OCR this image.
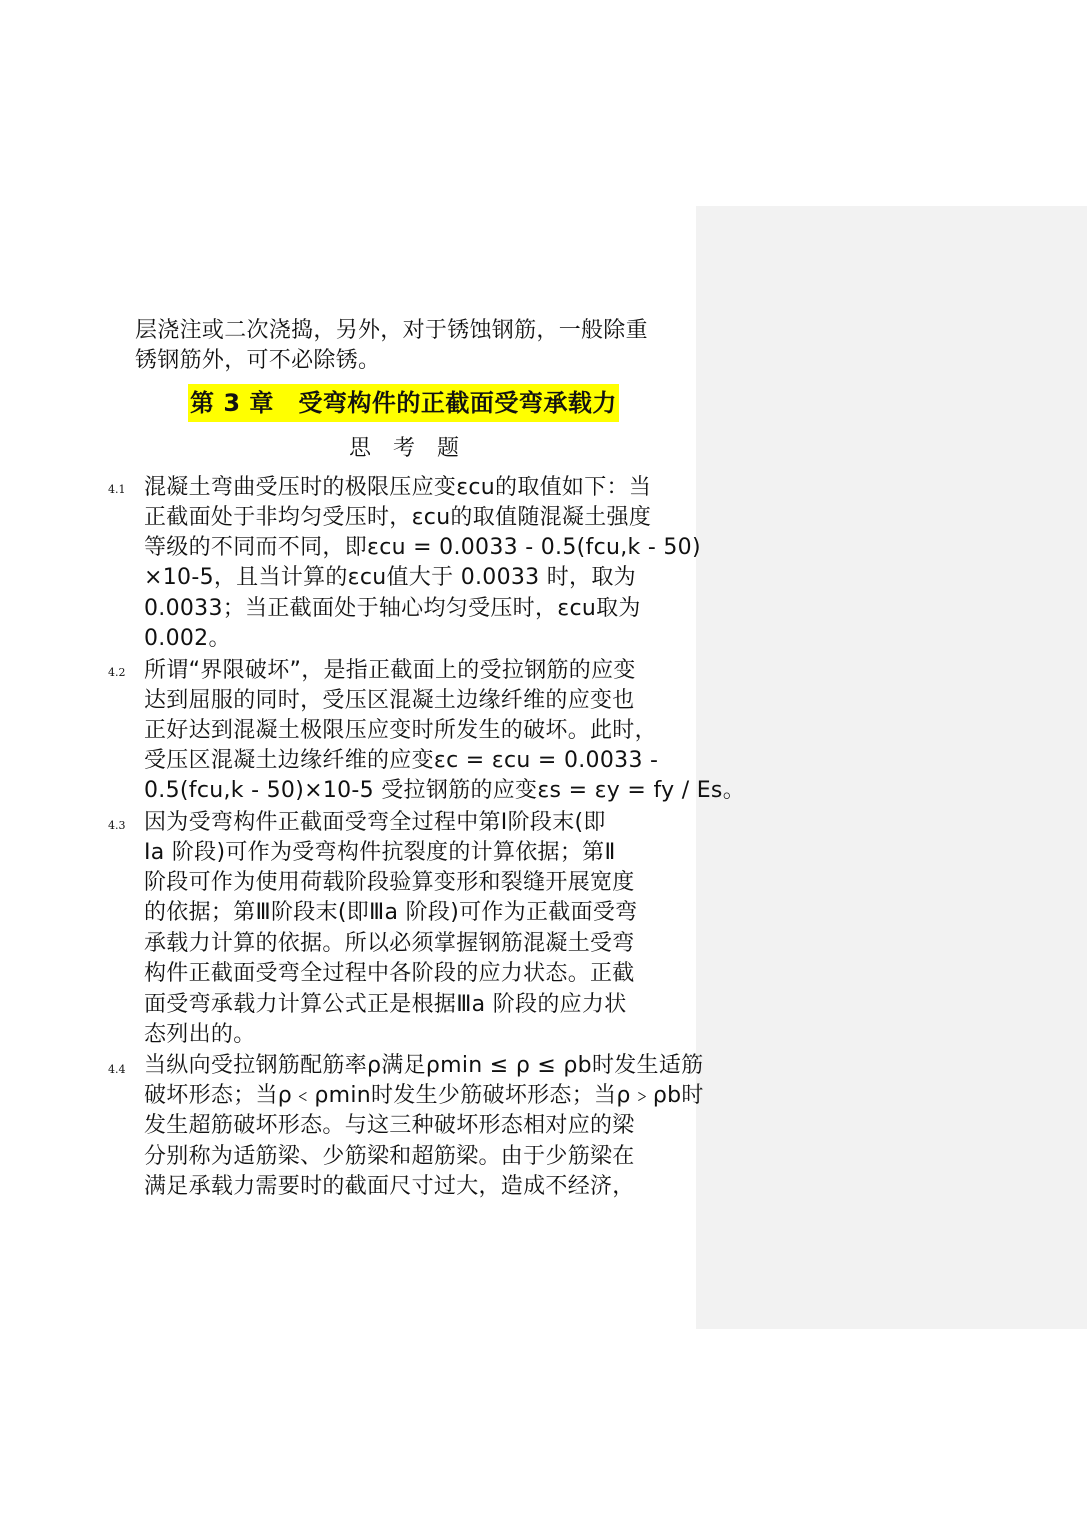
层浇注或二次浇捣，另外，对于锈蚀钢筋，一般除重
锈钢筋外，可不必除锈。
第 3 章　受弯构件的正截面受弯承载力
思　考　题
4.1 混凝土弯曲受压时的极限压应变εcu的取值如下：当
正截面处于非均匀受压时，εcu的取值随混凝土强度
等级的不同而不同，即εcu = 0.0033 - 0.5(fcu,k - 50)
×10-5，且当计算的εcu值大于 0.0033 时，取为
0.0033；当正截面处于轴心均匀受压时，εcu取为
0.002。
4.2 所谓“界限破坏”，是指正截面上的受拉钢筋的应变
达到屈服的同时，受压区混凝土边缘纤维的应变也
正好达到混凝土极限压应变时所发生的破坏。此时，
受压区混凝土边缘纤维的应变εc = εcu = 0.0033 -
0.5(fcu,k - 50)×10-5 受拉钢筋的应变εs = εy = fy / Es。
4.3 因为受弯构件正截面受弯全过程中第Ⅰ阶段末(即
Ⅰa 阶段)可作为受弯构件抗裂度的计算依据；第Ⅱ
阶段可作为使用荷载阶段验算变形和裂缝开展宽度
的依据；第Ⅲ阶段末(即Ⅲa 阶段)可作为正截面受弯
承载力计算的依据。所以必须掌握钢筋混凝土受弯
构件正截面受弯全过程中各阶段的应力状态。正截
面受弯承载力计算公式正是根据Ⅲa 阶段的应力状
态列出的。
4.4 当纵向受拉钢筋配筋率ρ满足ρmin ≤ ρ ≤ ρb时发生适筋
破坏形态；当ρ﹤ρmin时发生少筋破坏形态；当ρ﹥ρb时
发生超筋破坏形态。与这三种破坏形态相对应的梁
分别称为适筋梁、少筋梁和超筋梁。由于少筋梁在
满足承载力需要时的截面尺寸过大，造成不经济，
